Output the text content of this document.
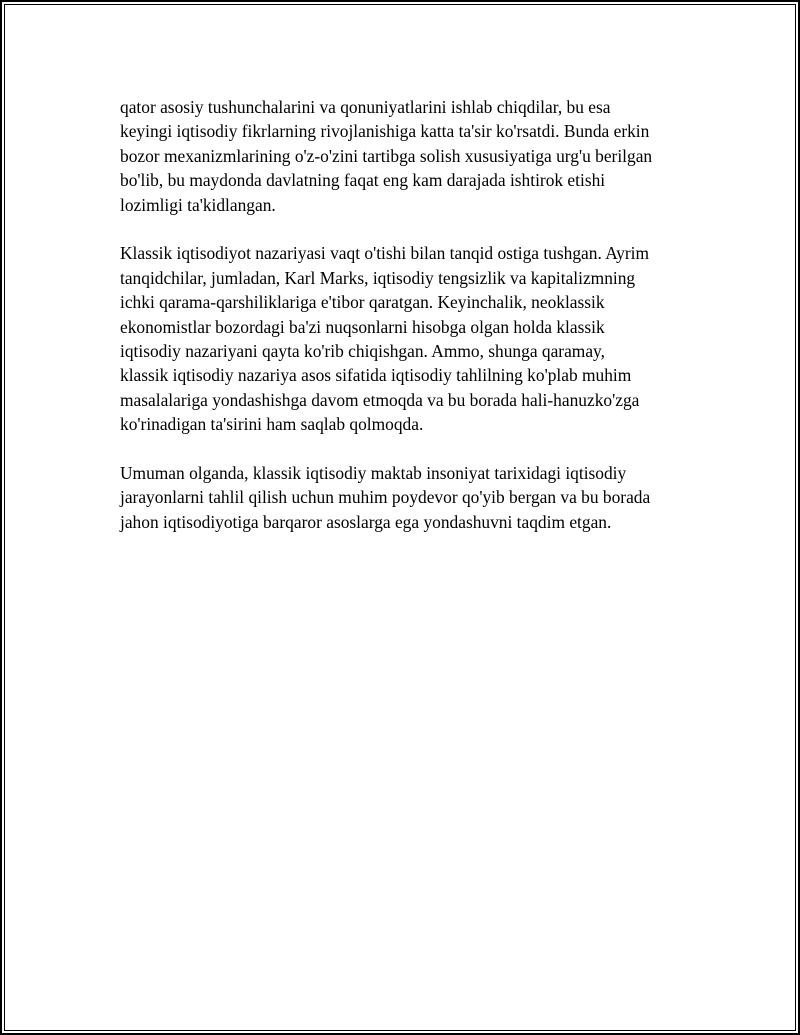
qator asosiy tushunchalarini va qonuniyatlarini ishlab chiqdilar, bu esa
keyingi iqtisodiy fikrlarning rivojlanishiga katta ta'sir ko'rsatdi. Bunda erkin
bozor mexanizmlarining o'z-o'zini tartibga solish xususiyatiga urg'u berilgan
bo'lib, bu maydonda davlatning faqat eng kam darajada ishtirok etishi
lozimligi ta'kidlangan.

Klassik iqtisodiyot nazariyasi vaqt o'tishi bilan tanqid ostiga tushgan. Ayrim
tanqidchilar, jumladan, Karl Marks, iqtisodiy tengsizlik va kapitalizmning
ichki qarama-qarshiliklariga e'tibor qaratgan. Keyinchalik, neoklassik
ekonomistlar bozordagi ba'zi nuqsonlarni hisobga olgan holda klassik
iqtisodiy nazariyani qayta ko'rib chiqishgan. Ammo, shunga qaramay,
klassik iqtisodiy nazariya asos sifatida iqtisodiy tahlilning ko'plab muhim
masalalariga yondashishga davom etmoqda va bu borada hali-hanuzko'zga
ko'rinadigan ta'sirini ham saqlab qolmoqda.

Umuman olganda, klassik iqtisodiy maktab insoniyat tarixidagi iqtisodiy
jarayonlarni tahlil qilish uchun muhim poydevor qo'yib bergan va bu borada
jahon iqtisodiyotiga barqaror asoslarga ega yondashuvni taqdim etgan.
